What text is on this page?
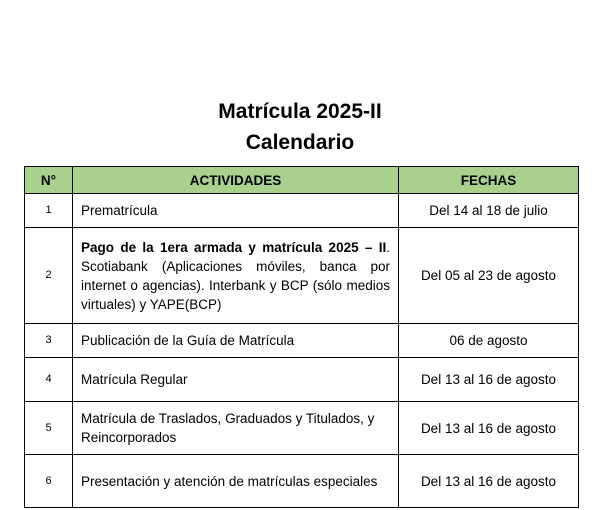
Matrícula 2025-II
Calendario
N°	ACTIVIDADES	FECHAS
1	Prematrícula	Del 14 al 18 de julio
2	Pago de la 1era armada y matrícula 2025 – II. Scotiabank (Aplicaciones móviles, banca por internet o agencias). Interbank y BCP (sólo medios virtuales) y YAPE(BCP)	Del 05 al 23 de agosto
3	Publicación de la Guía de Matrícula	06 de agosto
4	Matrícula Regular	Del 13 al 16 de agosto
5	Matrícula de Traslados, Graduados y Titulados, y Reincorporados	Del 13 al 16 de agosto
6	Presentación y atención de matrículas especiales	Del 13 al 16 de agosto
